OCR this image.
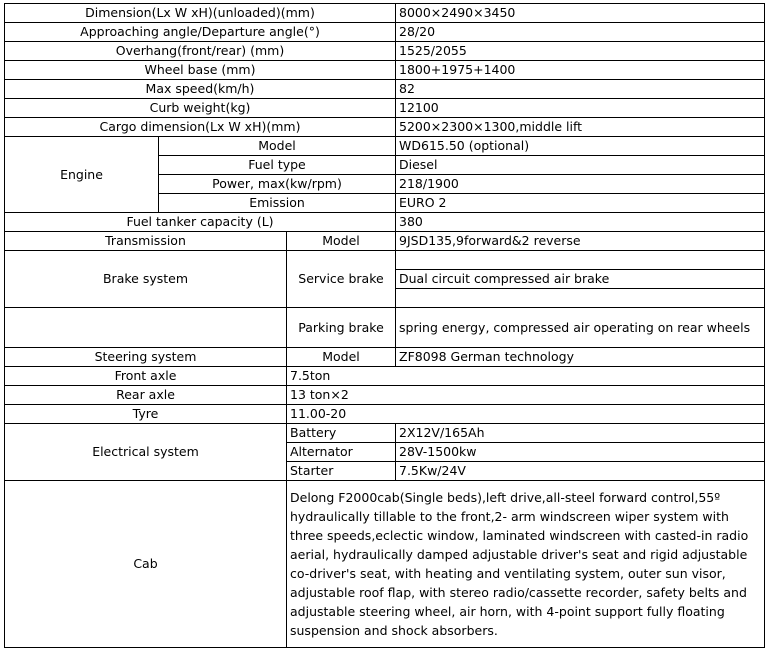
Dimension(Lx W xH)(unloaded)(mm)			8000×2490×3450
Approaching angle/Departure angle(°)			28/20
Overhang(front/rear) (mm)			1525/2055
Wheel base (mm)			1800+1975+1400
Max speed(km/h)			82
Curb weight(kg)			12100
Cargo dimension(Lx W xH)(mm)			5200×2300×1300,middle lift
Engine	Model		WD615.50 (optional)
	Fuel type		Diesel
	Power, max(kw/rpm)		218/1900
	Emission		EURO 2
Fuel tanker capacity (L)			380
Transmission		Model	9JSD135,9forward&2 reverse
Brake system		Service brake	
			Dual circuit compressed air brake

		Parking brake	spring energy, compressed air operating on rear wheels
Steering system		Model	ZF8098 German technology
Front axle		7.5ton	
Rear axle		13 ton×2	
Tyre		11.00-20	
Electrical system		Battery	2X12V/165Ah
		Alternator	28V-1500kw
		Starter	7.5Kw/24V
Cab		Delong F2000cab(Single beds),left drive,all-steel forward control,55º hydraulically tillable to the front,2- arm windscreen wiper system with three speeds,eclectic window, laminated windscreen with casted-in radio aerial, hydraulically damped adjustable driver's seat and rigid adjustable co-driver's seat, with heating and ventilating system, outer sun visor, adjustable roof flap, with stereo radio/cassette recorder, safety belts and adjustable steering wheel, air horn, with 4-point support fully floating suspension and shock absorbers.	
